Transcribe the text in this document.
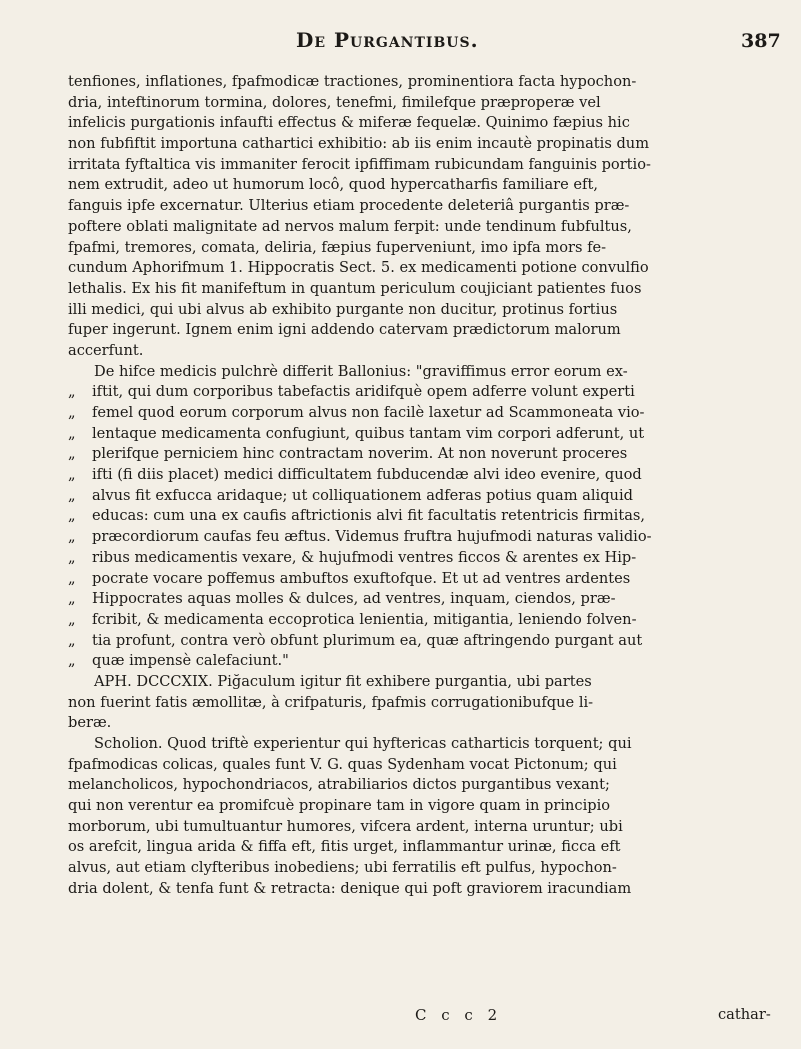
De Purgantibus.	387
tenfiones, inflationes, fpafmodicæ tractiones, prominentiora facta hypochon-
dria, inteftinorum tormina, dolores, tenefmi, fimilefque præproperæ vel
infelicis purgationis infaufti effectus & miferæ fequelæ. Quinimo fæpius hic
non fubfiftit importuna cathartici exhibitio: ab iis enim incautè propinatis dum
irritata fyftaltica vis immaniter ferocit ipfiffimam rubicundam fanguinis portio-
nem extrudit, adeo ut humorum locô, quod hypercatharfis familiare eft,
fanguis ipfe excernatur. Ulterius etiam procedente deleteriâ purgantis præ-
poftere oblati malignitate ad nervos malum ferpit: unde tendinum fubfultus,
fpafmi, tremores, comata, deliria, fæpius fuperveniunt, imo ipfa mors fe-
cundum Aphorifmum 1. Hippocratis Sect. 5. ex medicamenti potione convulfio
lethalis. Ex his fit manifeftum in quantum periculum coujiciant patientes fuos
illi medici, qui ubi alvus ab exhibito purgante non ducitur, protinus fortius
fuper ingerunt. Ignem enim igni addendo catervam prædictorum malorum
accerfunt.
De hifce medicis pulchrè differit Ballonius: "graviffimus error eorum ex-
„ iftit, qui dum corporibus tabefactis aridifquè opem adferre volunt experti
„ femel quod eorum corporum alvus non facilè laxetur ad Scammoneata vio-
„ lentaque medicamenta confugiunt, quibus tantam vim corpori adferunt, ut
„ plerifque perniciem hinc contractam noverim. At non noverunt proceres
„ ifti (fi diis placet) medici difficultatem fubducendæ alvi ideo evenire, quod
„ alvus fit exfucca aridaque; ut colliquationem adferas potius quam aliquid
„ educas: cum una ex caufis aftrictionis alvi fit facultatis retentricis firmitas,
„ præcordiorum caufas feu æftus. Videmus fruftra hujufmodi naturas validio-
„ ribus medicamentis vexare, & hujufmodi ventres ficcos & arentes ex Hip-
„ pocrate vocare poffemus ambuftos exuftofque. Et ut ad ventres ardentes
„ Hippocrates aquas molles & dulces, ad ventres, inquam, ciendos, præ-
„ fcribit, & medicamenta eccoprotica lenientia, mitigantia, leniendo folven-
„ tia profunt, contra verò obfunt plurimum ea, quæ aftringendo purgant aut
„ quæ impensè calefaciunt."
APH. DCCCXIX. Piğaculum igitur fit exhibere purgantia, ubi partes
non fuerint fatis æmollitæ, à crifpaturis, fpafmis corrugationibufque li-
beræ.
Scholion. Quod triftè experientur qui hyftericas catharticis torquent; qui
fpafmodicas colicas, quales funt V. G. quas Sydenham vocat Pictonum; qui
melancholicos, hypochondriacos, atrabiliarios dictos purgantibus vexant;
qui non verentur ea promifcuè propinare tam in vigore quam in principio
morborum, ubi tumultuantur humores, vifcera ardent, interna uruntur; ubi
os arefcit, lingua arida & fiffa eft, fitis urget, inflammantur urinæ, ficca eft
alvus, aut etiam clyfteribus inobediens; ubi ferratilis eft pulfus, hypochon-
dria dolent, & tenfa funt & retracta: denique qui poft graviorem iracundiam
C c c 2	cathar-
